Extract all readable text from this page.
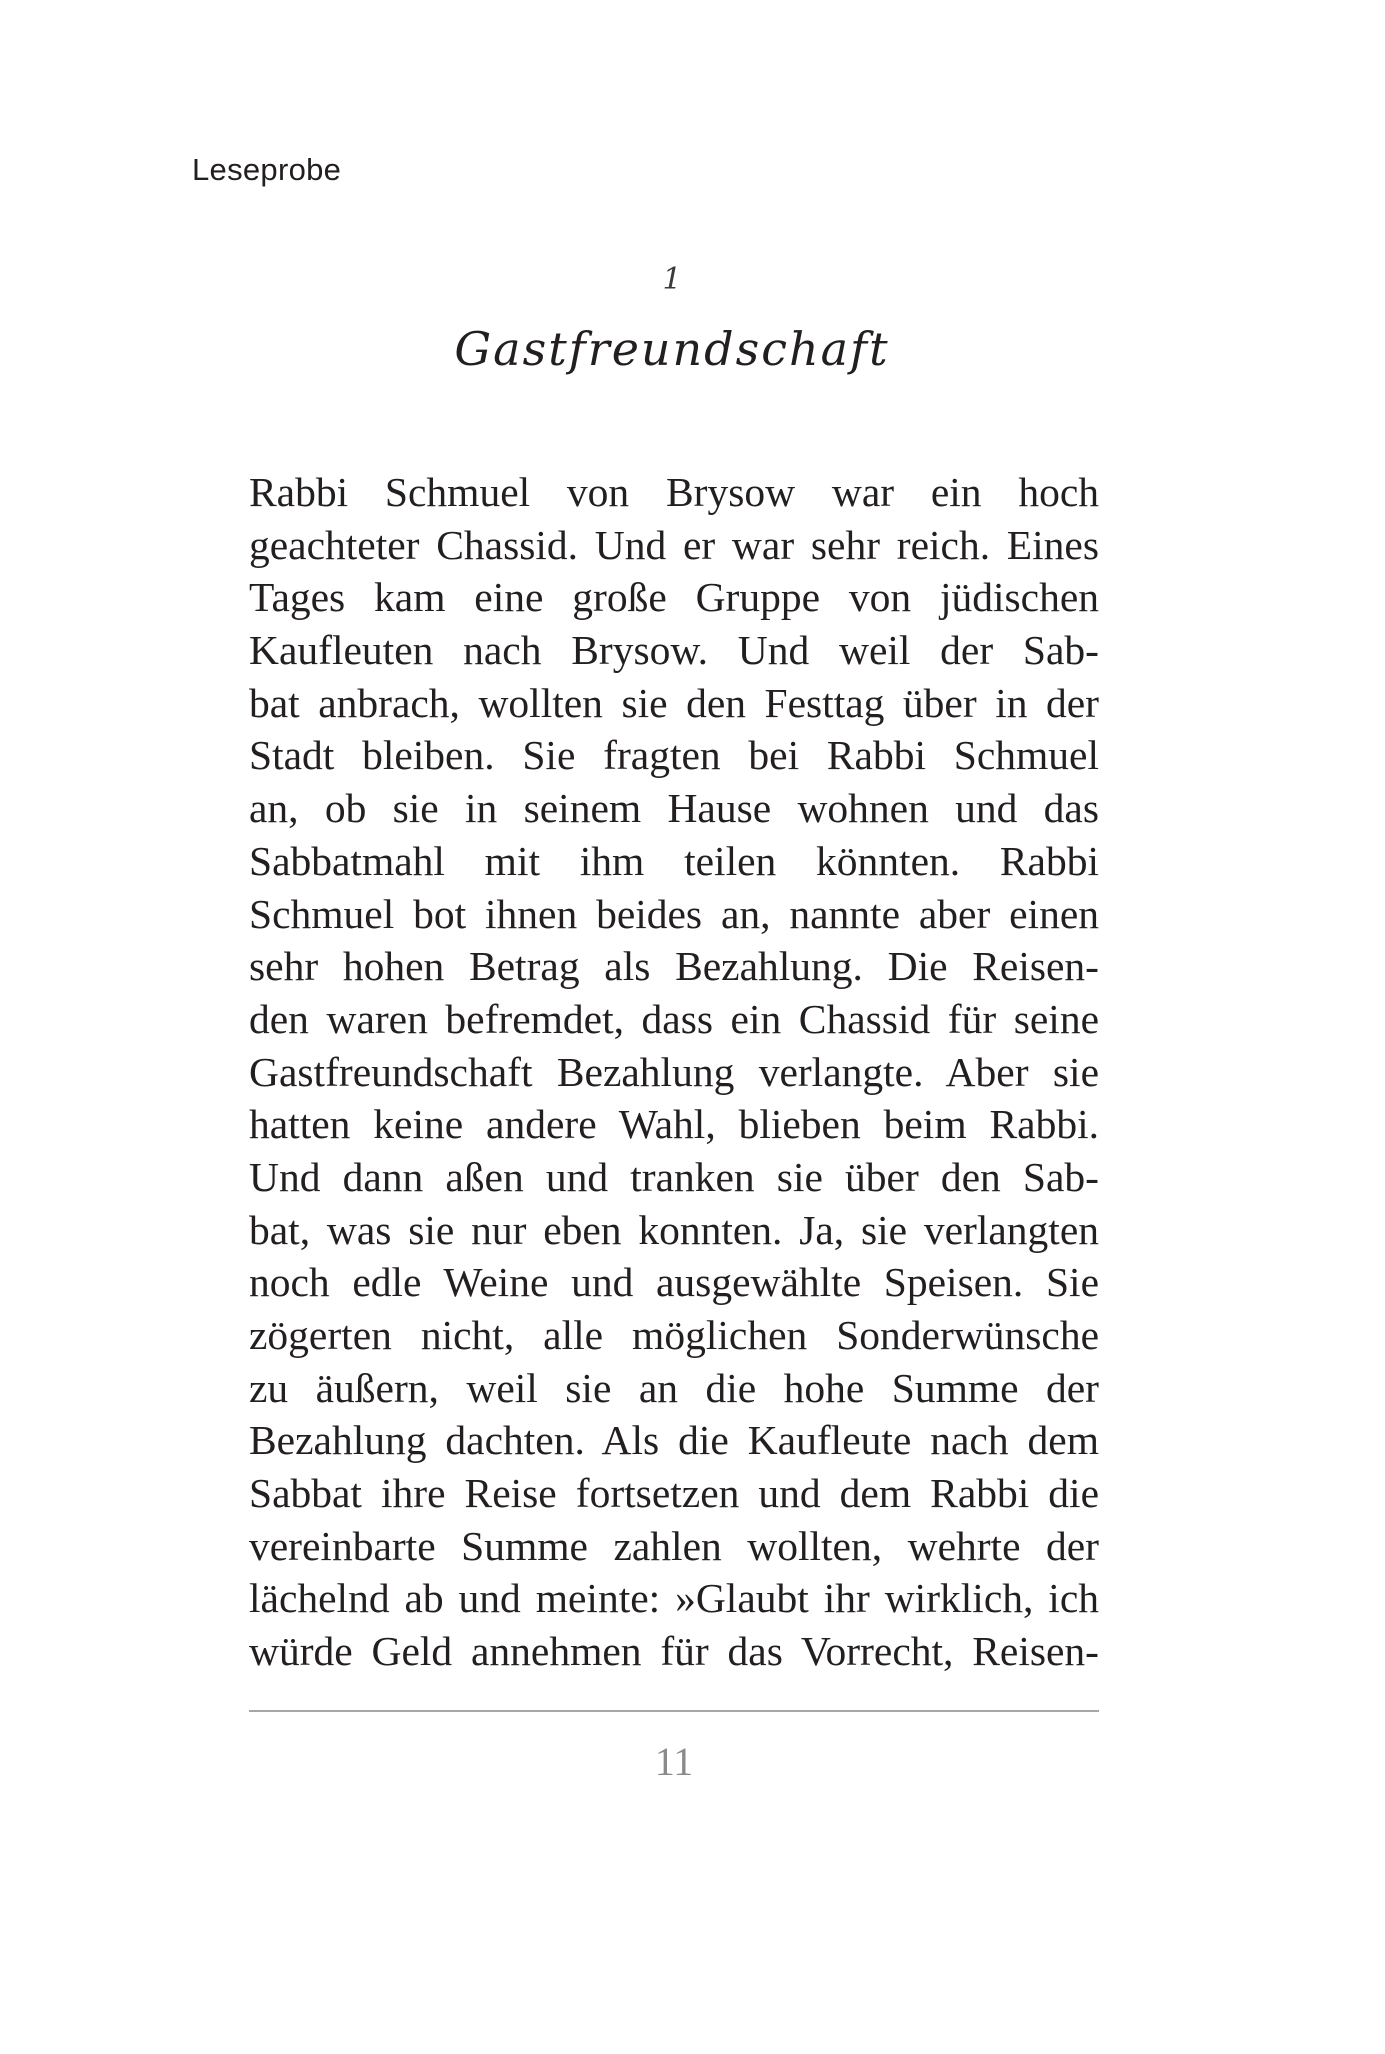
Leseprobe
1
Gastfreundschaft
Rabbi Schmuel von Brysow war ein hoch
geachteter Chassid. Und er war sehr reich. Eines
Tages kam eine große Gruppe von jüdischen
Kaufleuten nach Brysow. Und weil der Sab-
bat anbrach, wollten sie den Festtag über in der
Stadt bleiben. Sie fragten bei Rabbi Schmuel
an, ob sie in seinem Hause wohnen und das
Sabbatmahl mit ihm teilen könnten. Rabbi
Schmuel bot ihnen beides an, nannte aber einen
sehr hohen Betrag als Bezahlung. Die Reisen-
den waren befremdet, dass ein Chassid für seine
Gastfreundschaft Bezahlung verlangte. Aber sie
hatten keine andere Wahl, blieben beim Rabbi.
Und dann aßen und tranken sie über den Sab-
bat, was sie nur eben konnten. Ja, sie verlangten
noch edle Weine und ausgewählte Speisen. Sie
zögerten nicht, alle möglichen Sonderwünsche
zu äußern, weil sie an die hohe Summe der
Bezahlung dachten. Als die Kaufleute nach dem
Sabbat ihre Reise fortsetzen und dem Rabbi die
vereinbarte Summe zahlen wollten, wehrte der
lächelnd ab und meinte: »Glaubt ihr wirklich, ich
würde Geld annehmen für das Vorrecht, Reisen-
11
